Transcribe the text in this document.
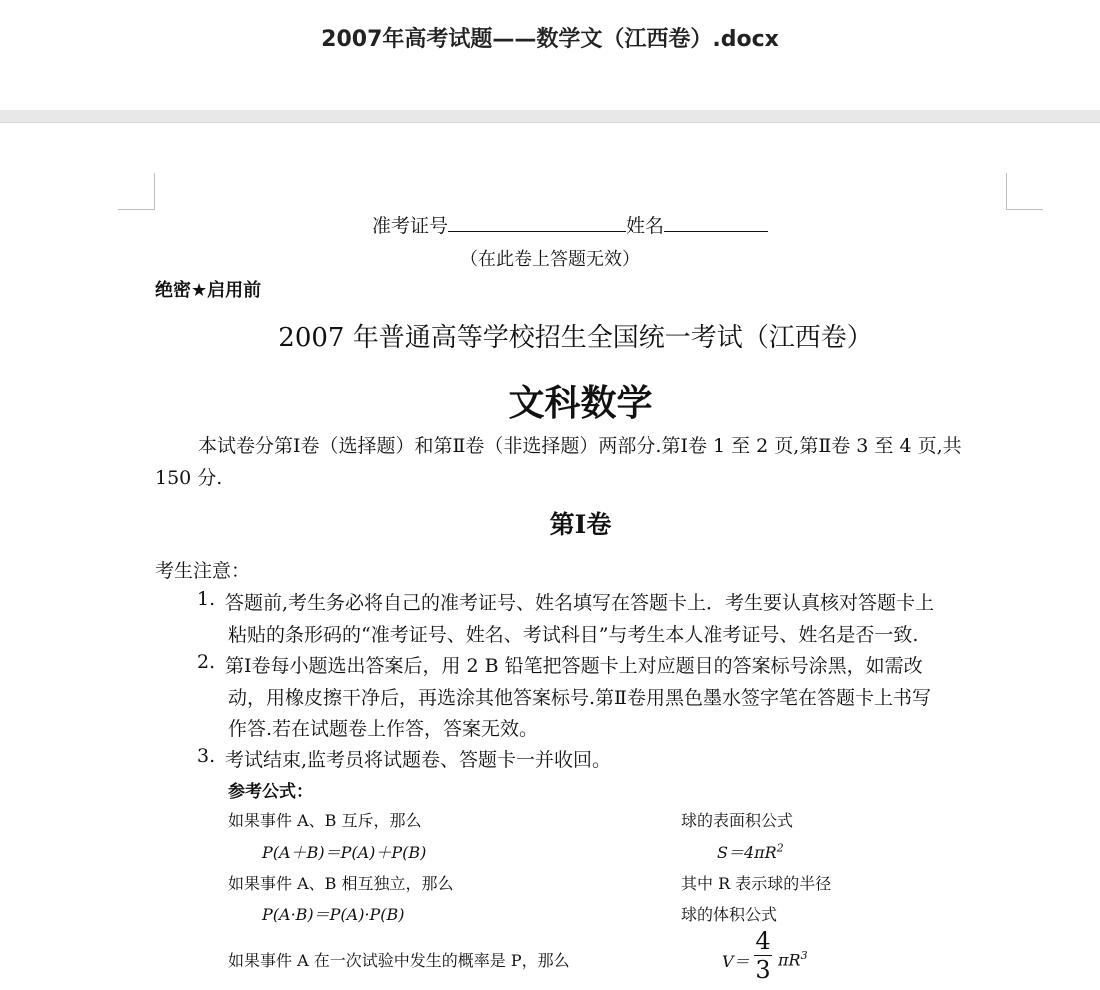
2007年高考试题——数学文（江西卷）.docx
准考证号	姓名
（在此卷上答题无效）
绝密★启用前
2007 年普通高等学校招生全国统一考试（江西卷）
文科数学
本试卷分第Ⅰ卷（选择题）和第Ⅱ卷（非选择题）两部分.第Ⅰ卷 1 至 2 页,第Ⅱ卷 3 至 4 页,共
150 分.
第Ⅰ卷
考生注意：
1. 答题前,考生务必将自己的准考证号、姓名填写在答题卡上．考生要认真核对答题卡上
粘贴的条形码的“准考证号、姓名、考试科目”与考生本人准考证号、姓名是否一致.
2. 第Ⅰ卷每小题选出答案后，用 2 B 铅笔把答题卡上对应题目的答案标号涂黑，如需改
动，用橡皮擦干净后，再选涂其他答案标号.第Ⅱ卷用黑色墨水签字笔在答题卡上书写
作答.若在试题卷上作答，答案无效。
3. 考试结束,监考员将试题卷、答题卡一并收回。
参考公式：
如果事件 A、B 互斥，那么
P(A＋B)＝P(A)＋P(B)
如果事件 A、B 相互独立，那么
P(A·B)＝P(A)·P(B)
如果事件 A 在一次试验中发生的概率是 P，那么
球的表面积公式
$S=4\pi R^2$
其中 R 表示球的半径
球的体积公式
V＝
4
3 $\pi R^3$
